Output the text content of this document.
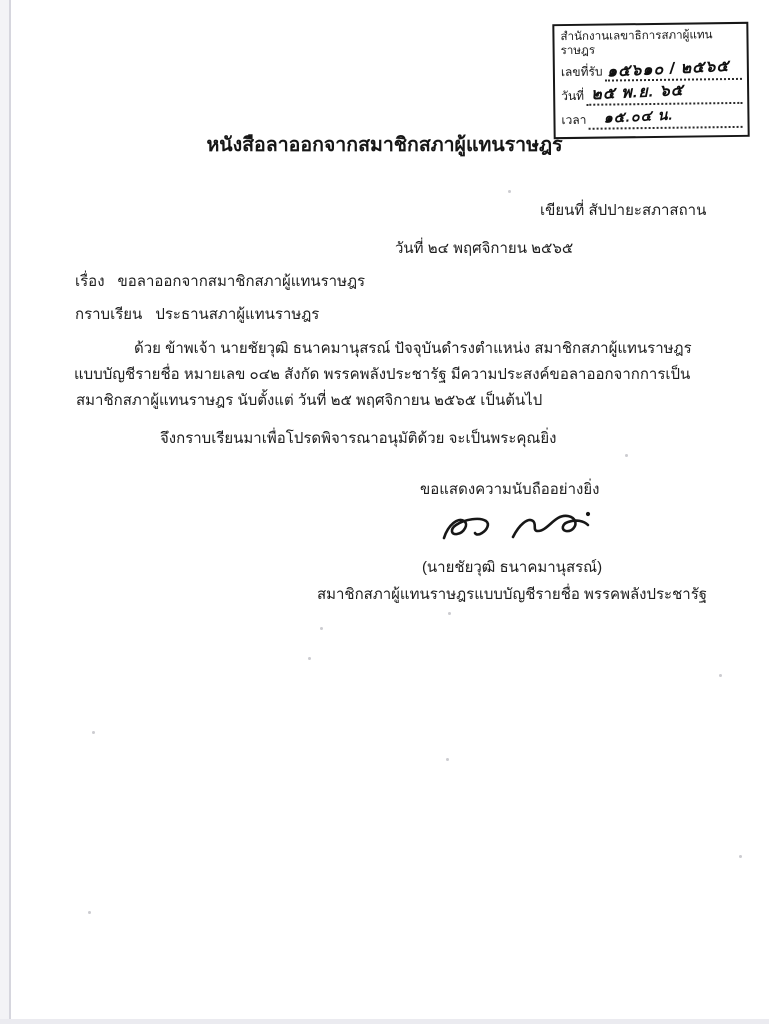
สำนักงานเลขาธิการสภาผู้แทนราษฎร
เลขที่รับ ๑๕๖๑๐ / ๒๕๖๕
วันที่ ๒๕ พ.ย. ๖๕
เวลา ๑๕.๐๔ น.
หนังสือลาออกจากสมาชิกสภาผู้แทนราษฎร
เขียนที่ สัปปายะสภาสถาน
วันที่ ๒๔ พฤศจิกายน ๒๕๖๕
เรื่อง ขอลาออกจากสมาชิกสภาผู้แทนราษฎร
กราบเรียน ประธานสภาผู้แทนราษฎร
ด้วย ข้าพเจ้า นายชัยวุฒิ ธนาคมานุสรณ์ ปัจจุบันดำรงตำแหน่ง สมาชิกสภาผู้แทนราษฎร
แบบบัญชีรายชื่อ หมายเลข ๐๔๒ สังกัด พรรคพลังประชารัฐ มีความประสงค์ขอลาออกจากการเป็น
สมาชิกสภาผู้แทนราษฎร นับตั้งแต่ วันที่ ๒๕ พฤศจิกายน ๒๕๖๕ เป็นต้นไป
จึงกราบเรียนมาเพื่อโปรดพิจารณาอนุมัติด้วย จะเป็นพระคุณยิ่ง
ขอแสดงความนับถืออย่างยิ่ง
(นายชัยวุฒิ ธนาคมานุสรณ์)
สมาชิกสภาผู้แทนราษฎรแบบบัญชีรายชื่อ พรรคพลังประชารัฐ
